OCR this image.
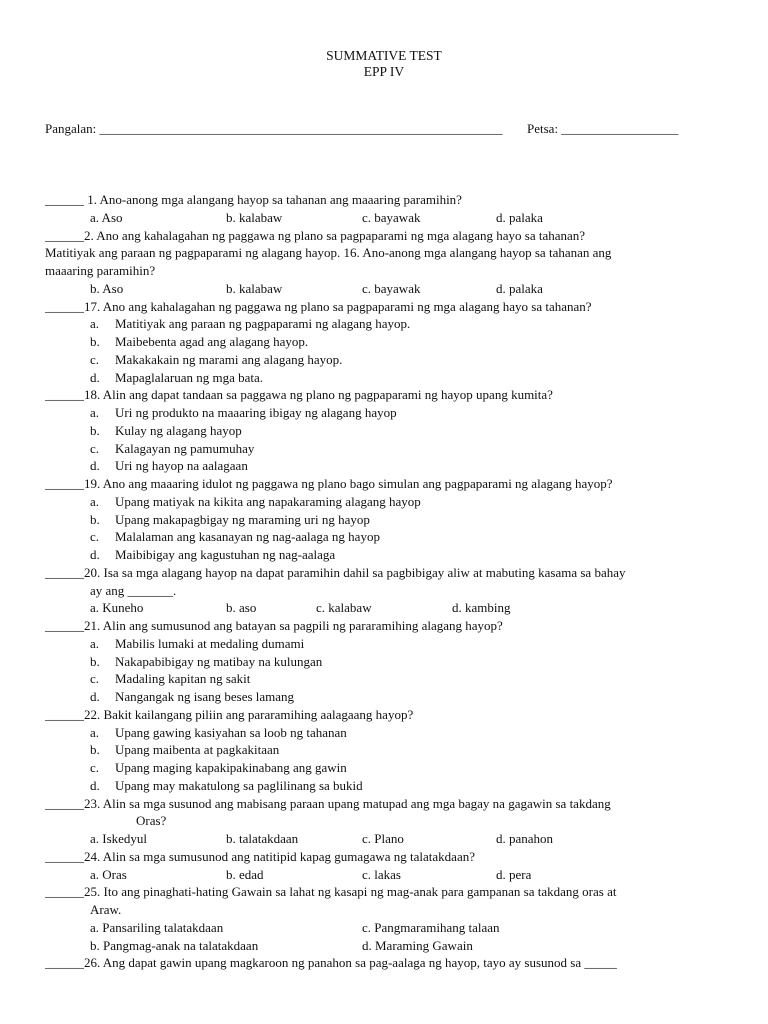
SUMMATIVE TEST
EPP IV
Pangalan: ______________________________________________________________ Petsa: __________________
______ 1. Ano-anong mga alangang hayop sa tahanan ang maaaring paramihin?
a. Aso	b. kalabaw	c. bayawak	d. palaka
______2. Ano ang kahalagahan ng paggawa ng plano sa pagpaparami ng mga alagang hayo sa tahanan?
Matitiyak ang paraan ng pagpaparami ng alagang hayop. 16. Ano-anong mga alangang hayop sa tahanan ang
maaaring paramihin?
b. Aso	b. kalabaw	c. bayawak	d. palaka
______17. Ano ang kahalagahan ng paggawa ng plano sa pagpaparami ng mga alagang hayo sa tahanan?
a. Matitiyak ang paraan ng pagpaparami ng alagang hayop.
b. Maibebenta agad ang alagang hayop.
c. Makakakain ng marami ang alagang hayop.
d. Mapaglalaruan ng mga bata.
______18. Alin ang dapat tandaan sa paggawa ng plano ng pagpaparami ng hayop upang kumita?
a. Uri ng produkto na maaaring ibigay ng alagang hayop
b. Kulay ng alagang hayop
c. Kalagayan ng pamumuhay
d. Uri ng hayop na aalagaan
______19. Ano ang maaaring idulot ng paggawa ng plano bago simulan ang pagpaparami ng alagang hayop?
a. Upang matiyak na kikita ang napakaraming alagang hayop
b. Upang makapagbigay ng maraming uri ng hayop
c. Malalaman ang kasanayan ng nag-aalaga ng hayop
d. Maibibigay ang kagustuhan ng nag-aalaga
______20. Isa sa mga alagang hayop na dapat paramihin dahil sa pagbibigay aliw at mabuting kasama sa bahay
ay ang _______.
a. Kuneho	b. aso	c. kalabaw	d. kambing
______21. Alin ang sumusunod ang batayan sa pagpili ng pararamihing alagang hayop?
a. Mabilis lumaki at medaling dumami
b. Nakapabibigay ng matibay na kulungan
c. Madaling kapitan ng sakit
d. Nangangak ng isang beses lamang
______22. Bakit kailangang piliin ang pararamihing aalagaang hayop?
a. Upang gawing kasiyahan sa loob ng tahanan
b. Upang maibenta at pagkakitaan
c. Upang maging kapakipakinabang ang gawin
d. Upang may makatulong sa paglilinang sa bukid
______23. Alin sa mga susunod ang mabisang paraan upang matupad ang mga bagay na gagawin sa takdang
Oras?
a. Iskedyul	b. talatakdaan	c. Plano	d. panahon
______24. Alin sa mga sumusunod ang natitipid kapag gumagawa ng talatakdaan?
a. Oras	b. edad	c. lakas	d. pera
______25. Ito ang pinaghati-hating Gawain sa lahat ng kasapi ng mag-anak para gampanan sa takdang oras at
Araw.
a. Pansariling talatakdaan	c. Pangmaramihang talaan
b. Pangmag-anak na talatakdaan	d. Maraming Gawain
______26. Ang dapat gawin upang magkaroon ng panahon sa pag-aalaga ng hayop, tayo ay susunod sa _____
